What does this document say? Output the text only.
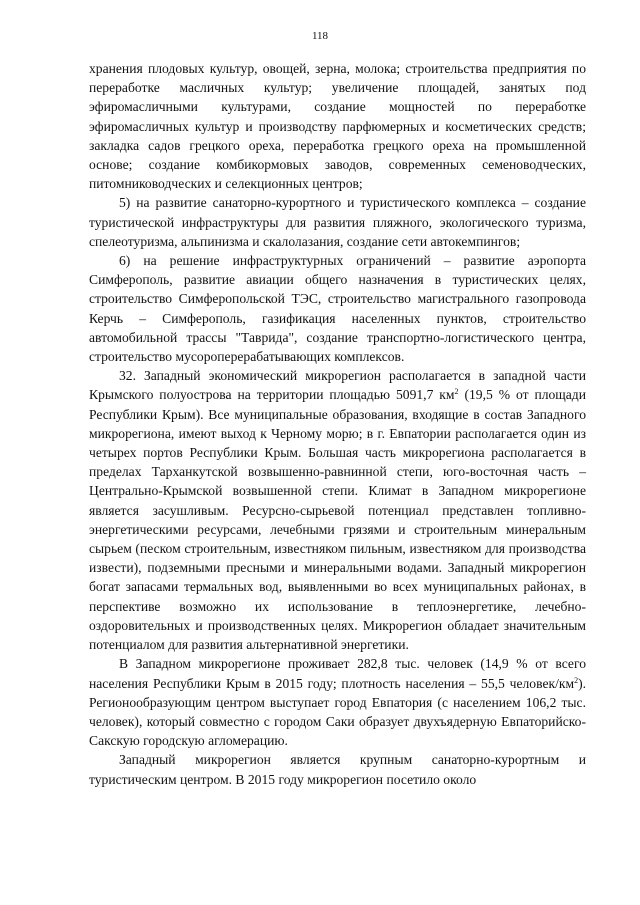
118

хранения плодовых культур, овощей, зерна, молока; строительства предприятия по переработке масличных культур; увеличение площадей, занятых под эфиромасличными культурами, создание мощностей по переработке эфиромасличных культур и производству парфюмерных и косметических средств; закладка садов грецкого ореха, переработка грецкого ореха на промышленной основе; создание комбикормовых заводов, современных семеноводческих, питомниководческих и селекционных центров;

5) на развитие санаторно-курортного и туристического комплекса – создание туристической инфраструктуры для развития пляжного, экологического туризма, спелеотуризма, альпинизма и скалолазания, создание сети автокемпингов;

6) на решение инфраструктурных ограничений – развитие аэропорта Симферополь, развитие авиации общего назначения в туристических целях, строительство Симферопольской ТЭС, строительство магистрального газопровода Керчь – Симферополь, газификация населенных пунктов, строительство автомобильной трассы "Таврида", создание транспортно-логистического центра, строительство мусороперерабатывающих комплексов.

32. Западный экономический микрорегион располагается в западной части Крымского полуострова на территории площадью 5091,7 $км^2$ (19,5 % от площади Республики Крым). Все муниципальные образования, входящие в состав Западного микрорегиона, имеют выход к Черному морю; в г. Евпатории располагается один из четырех портов Республики Крым. Большая часть микрорегиона располагается в пределах Тарханкутской возвышенно-равнинной степи, юго-восточная часть – Центрально-Крымской возвышенной степи. Климат в Западном микрорегионе является засушливым. Ресурсно-сырьевой потенциал представлен топливно-энергетическими ресурсами, лечебными грязями и строительным минеральным сырьем (песком строительным, известняком пильным, известняком для производства извести), подземными пресными и минеральными водами. Западный микрорегион богат запасами термальных вод, выявленными во всех муниципальных районах, в перспективе возможно их использование в теплоэнергетике, лечебно-оздоровительных и производственных целях. Микрорегион обладает значительным потенциалом для развития альтернативной энергетики.

В Западном микрорегионе проживает 282,8 тыс. человек (14,9 % от всего населения Республики Крым в 2015 году; плотность населения – 55,5 человек/$км^2$). Регионообразующим центром выступает город Евпатория (с населением 106,2 тыс. человек), который совместно с городом Саки образует двухъядерную Евпаторийско-Сакскую городскую агломерацию.

Западный микрорегион является крупным санаторно-курортным и туристическим центром. В 2015 году микрорегион посетило около
